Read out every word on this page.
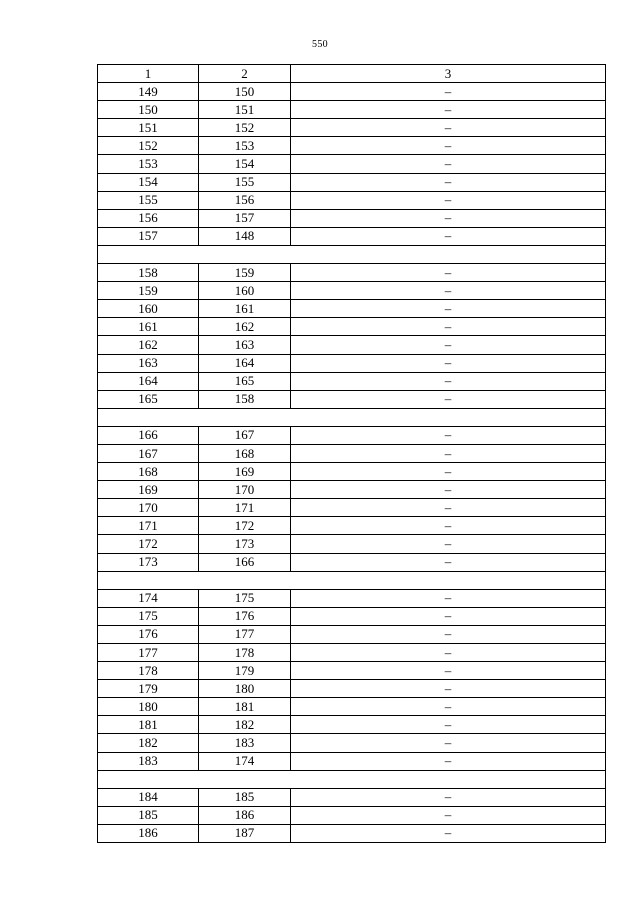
550
1	2	3
149	150	–
150	151	–
151	152	–
152	153	–
153	154	–
154	155	–
155	156	–
156	157	–
157	148	–

158	159	–
159	160	–
160	161	–
161	162	–
162	163	–
163	164	–
164	165	–
165	158	–

166	167	–
167	168	–
168	169	–
169	170	–
170	171	–
171	172	–
172	173	–
173	166	–

174	175	–
175	176	–
176	177	–
177	178	–
178	179	–
179	180	–
180	181	–
181	182	–
182	183	–
183	174	–

184	185	–
185	186	–
186	187	–
